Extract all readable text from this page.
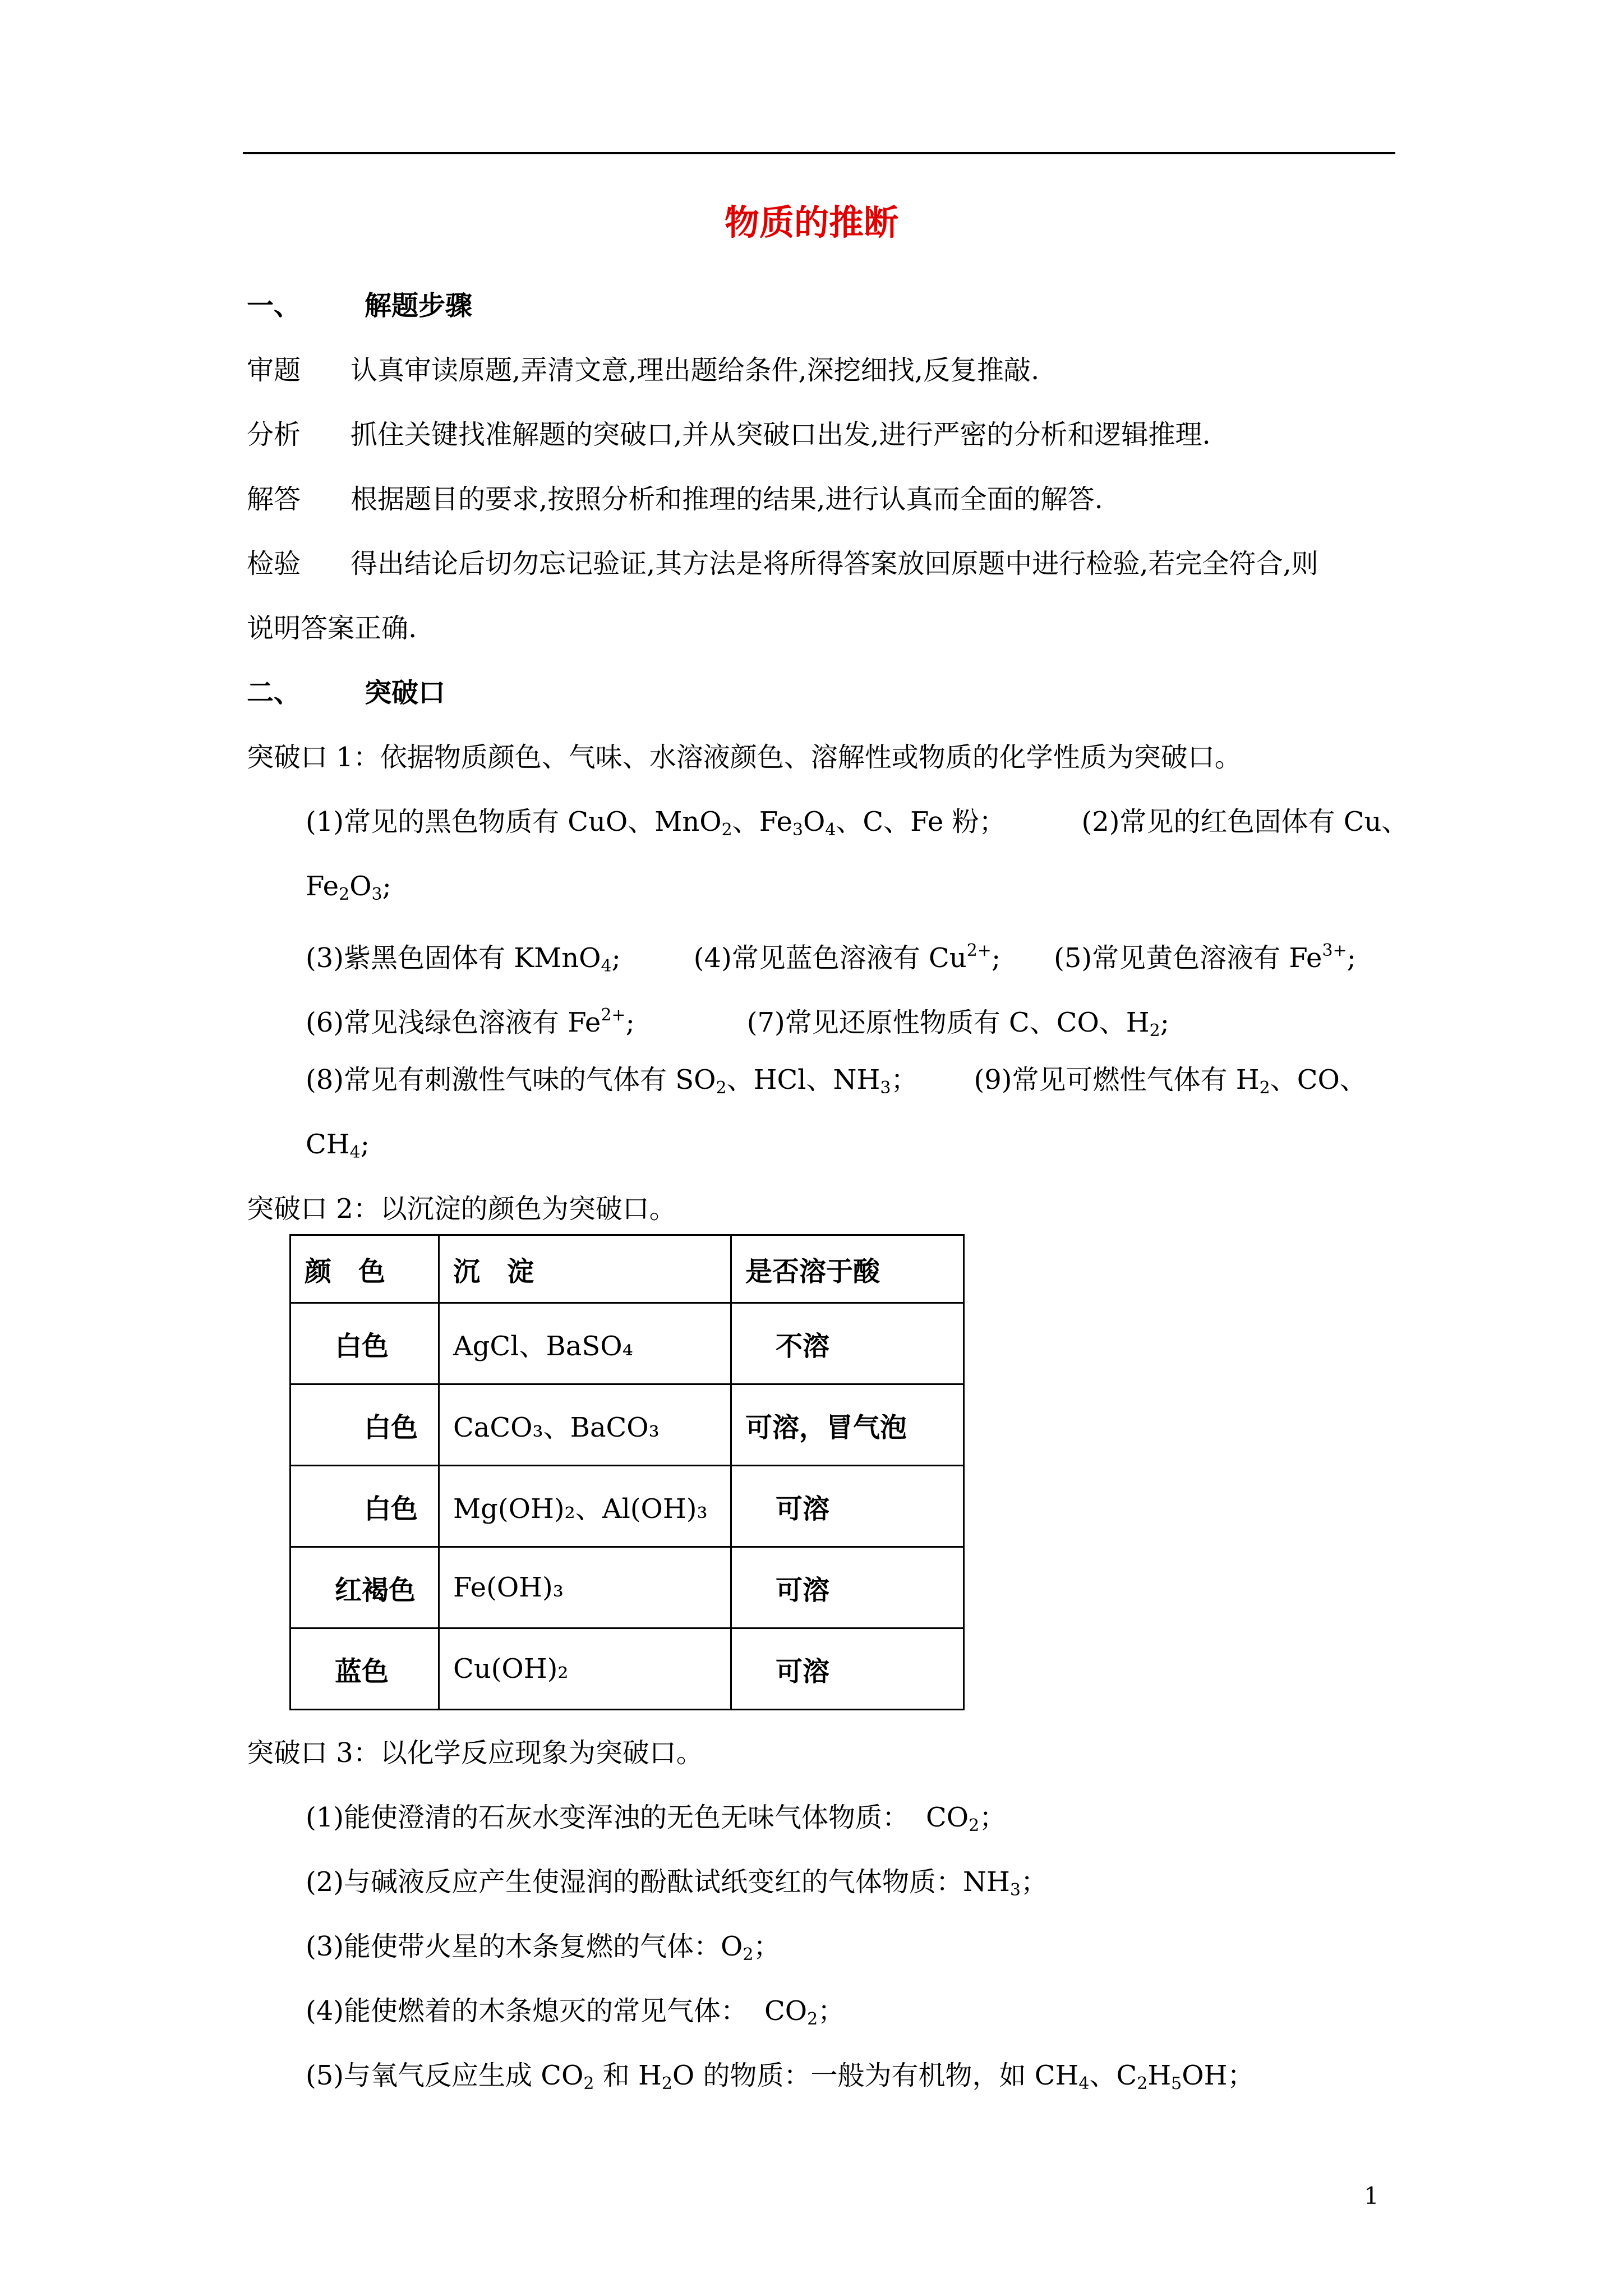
物质的推断
一、 解题步骤
审题 认真审读原题,弄清文意,理出题给条件,深挖细找,反复推敲.
分析 抓住关键找准解题的突破口,并从突破口出发,进行严密的分析和逻辑推理.
解答 根据题目的要求,按照分析和推理的结果,进行认真而全面的解答.
检验 得出结论后切勿忘记验证,其方法是将所得答案放回原题中进行检验,若完全符合,则
说明答案正确.
二、 突破口
突破口 1：依据物质颜色、气味、水溶液颜色、溶解性或物质的化学性质为突破口。
(1)常见的黑色物质有 CuO、MnO$_2$、$Fe_3O_4$、C、Fe 粉；	(2)常见的红色固体有 Cu、
$Fe_2O_3$;
(3)紫黑色固体有 KMnO$_4$;	(4)常见蓝色溶液有 $Cu^{2+}$; (5)常见黄色溶液有 $Fe^{3+}$;
(6)常见浅绿色溶液有 $Fe^{2+}$;	(7)常见还原性物质有 C、CO、$H_2$;
(8)常见有刺激性气味的气体有 $SO_2$、HCl、$NH_3$； (9)常见可燃性气体有 $H_2$、CO、
$CH_4$;
突破口 2：以沉淀的颜色为突破口。
颜　色	沉　淀	是否溶于酸
白色	AgCl、BaSO₄	不溶
白色	CaCO₃、BaCO₃	可溶，冒气泡
白色	Mg(OH)₂、Al(OH)₃	可溶
红褐色	Fe(OH)₃	可溶
蓝色	Cu(OH)₂	可溶
突破口 3：以化学反应现象为突破口。
(1)能使澄清的石灰水变浑浊的无色无味气体物质： $CO_2$；
(2)与碱液反应产生使湿润的酚酞试纸变红的气体物质：$NH_3$；
(3)能使带火星的木条复燃的气体：$O_2$；
(4)能使燃着的木条熄灭的常见气体： $CO_2$；
(5)与氧气反应生成 $CO_2$ 和 $H_2O$ 的物质：一般为有机物，如 $CH_4$、$C_2H_5OH$；
1
